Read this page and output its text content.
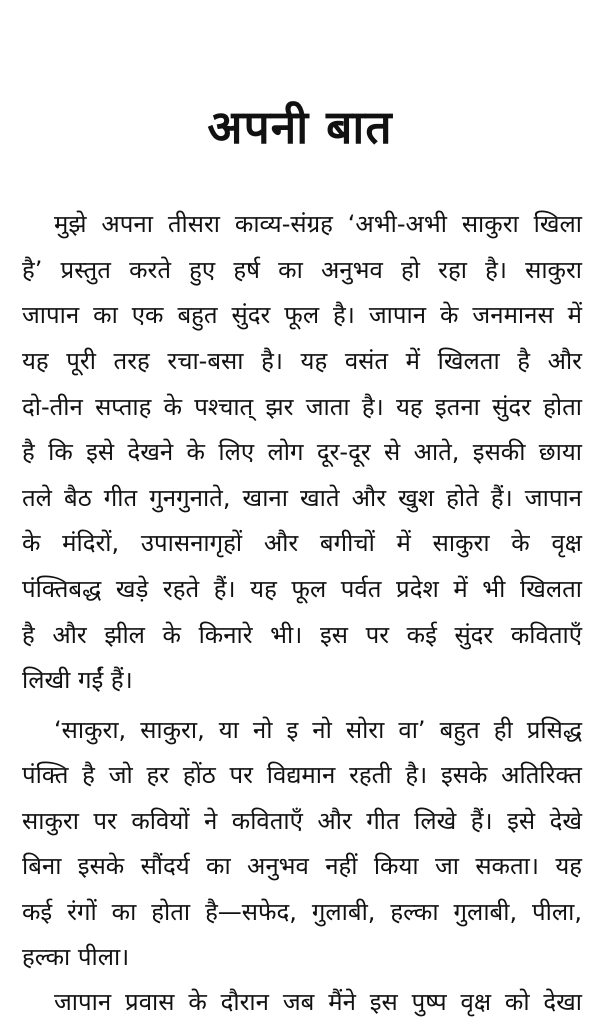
अपनी बात
मुझे अपना तीसरा काव्य-संग्रह ‘अभी-अभी साकुरा खिला
है’ प्रस्तुत करते हुए हर्ष का अनुभव हो रहा है। साकुरा
जापान का एक बहुत सुंदर फूल है। जापान के जनमानस में
यह पूरी तरह रचा-बसा है। यह वसंत में खिलता है और
दो-तीन सप्ताह के पश्चात् झर जाता है। यह इतना सुंदर होता
है कि इसे देखने के लिए लोग दूर-दूर से आते, इसकी छाया
तले बैठ गीत गुनगुनाते, खाना खाते और खुश होते हैं। जापान
के मंदिरों, उपासनागृहों और बगीचों में साकुरा के वृक्ष
पंक्तिबद्ध खड़े रहते हैं। यह फूल पर्वत प्रदेश में भी खिलता
है और झील के किनारे भी। इस पर कई सुंदर कविताएँ
लिखी गईं हैं।
‘साकुरा, साकुरा, या नो इ नो सोरा वा’ बहुत ही प्रसिद्ध
पंक्ति है जो हर होंठ पर विद्यमान रहती है। इसके अतिरिक्त
साकुरा पर कवियों ने कविताएँ और गीत लिखे हैं। इसे देखे
बिना इसके सौंदर्य का अनुभव नहीं किया जा सकता। यह
कई रंगों का होता है—सफेद, गुलाबी, हल्का गुलाबी, पीला,
हल्का पीला।
जापान प्रवास के दौरान जब मैंने इस पुष्प वृक्ष को देखा
